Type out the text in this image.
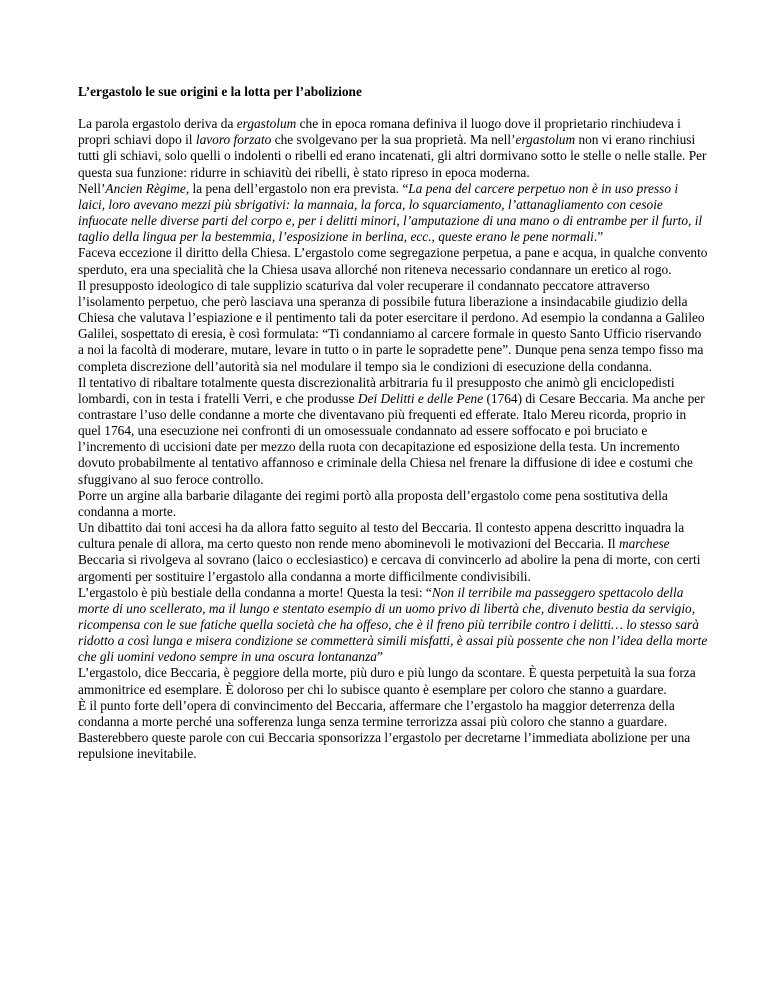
L’ergastolo le sue origini e la lotta per l’abolizione

La parola ergastolo deriva da ergastolum che in epoca romana definiva il luogo dove il proprietario rinchiudeva i propri schiavi dopo il lavoro forzato che svolgevano per la sua proprietà. Ma nell’ergastolum non vi erano rinchiusi tutti gli schiavi, solo quelli o indolenti o ribelli ed erano incatenati, gli altri dormivano sotto le stelle o nelle stalle. Per questa sua funzione: ridurre in schiavitù dei ribelli, è stato ripreso in epoca moderna.

Nell’Ancien Règime, la pena dell’ergastolo non era prevista. “La pena del carcere perpetuo non è in uso presso i laici, loro avevano mezzi più sbrigativi: la mannaia, la forca, lo squarciamento, l’attanagliamento con cesoie infuocate nelle diverse parti del corpo e, per i delitti minori, l’amputazione di una mano o di entrambe per il furto, il taglio della lingua per la bestemmia, l’esposizione in berlina, ecc., queste erano le pene normali.”

Faceva eccezione il diritto della Chiesa. L’ergastolo come segregazione perpetua, a pane e acqua, in qualche convento sperduto, era una specialità che la Chiesa usava allorché non riteneva necessario condannare un eretico al rogo.

Il presupposto ideologico di tale supplizio scaturiva dal voler recuperare il condannato peccatore attraverso l’isolamento perpetuo, che però lasciava una speranza di possibile futura liberazione a insindacabile giudizio della Chiesa che valutava l’espiazione e il pentimento tali da poter esercitare il perdono. Ad esempio la condanna a Galileo Galilei, sospettato di eresia, è così formulata: “Ti condanniamo al carcere formale in questo Santo Ufficio riservando a noi la facoltà di moderare, mutare, levare in tutto o in parte le sopradette pene”. Dunque pena senza tempo fisso ma completa discrezione dell’autorità sia nel modulare il tempo sia le condizioni di esecuzione della condanna.

Il tentativo di ribaltare totalmente questa discrezionalità arbitraria fu il presupposto che animò gli enciclopedisti lombardi, con in testa i fratelli Verri, e che produsse Dei Delitti e delle Pene (1764) di Cesare Beccaria. Ma anche per contrastare l’uso delle condanne a morte che diventavano più frequenti ed efferate. Italo Mereu ricorda, proprio in quel 1764, una esecuzione nei confronti di un omosessuale condannato ad essere soffocato e poi bruciato e l’incremento di uccisioni date per mezzo della ruota con decapitazione ed esposizione della testa. Un incremento dovuto probabilmente al tentativo affannoso e criminale della Chiesa nel frenare la diffusione di idee e costumi che sfuggivano al suo feroce controllo.

Porre un argine alla barbarie dilagante dei regimi portò alla proposta dell’ergastolo come pena sostitutiva della condanna a morte.

Un dibattito dai toni accesi ha da allora fatto seguito al testo del Beccaria. Il contesto appena descritto inquadra la cultura penale di allora, ma certo questo non rende meno abominevoli le motivazioni del Beccaria. Il marchese Beccaria si rivolgeva al sovrano (laico o ecclesiastico) e cercava di convincerlo ad abolire la pena di morte, con certi argomenti per sostituire l’ergastolo alla condanna a morte difficilmente condivisibili.

L’ergastolo è più bestiale della condanna a morte! Questa la tesi: “Non il terribile ma passeggero spettacolo della morte di uno scellerato, ma il lungo e stentato esempio di un uomo privo di libertà che, divenuto bestia da servigio, ricompensa con le sue fatiche quella società che ha offeso, che è il freno più terribile contro i delitti… lo stesso sarà ridotto a così lunga e misera condizione se commetterà simili misfatti, è assai più possente che non l’idea della morte che gli uomini vedono sempre in una oscura lontananza”

L’ergastolo, dice Beccaria, è peggiore della morte, più duro e più lungo da scontare. È questa perpetuità la sua forza ammonitrice ed esemplare. È doloroso per chi lo subisce quanto è esemplare per coloro che stanno a guardare.

È il punto forte dell’opera di convincimento del Beccaria, affermare che l’ergastolo ha maggior deterrenza della condanna a morte perché una sofferenza lunga senza termine terrorizza assai più coloro che stanno a guardare.

Basterebbero queste parole con cui Beccaria sponsorizza l’ergastolo per decretarne l’immediata abolizione per una repulsione inevitabile.
